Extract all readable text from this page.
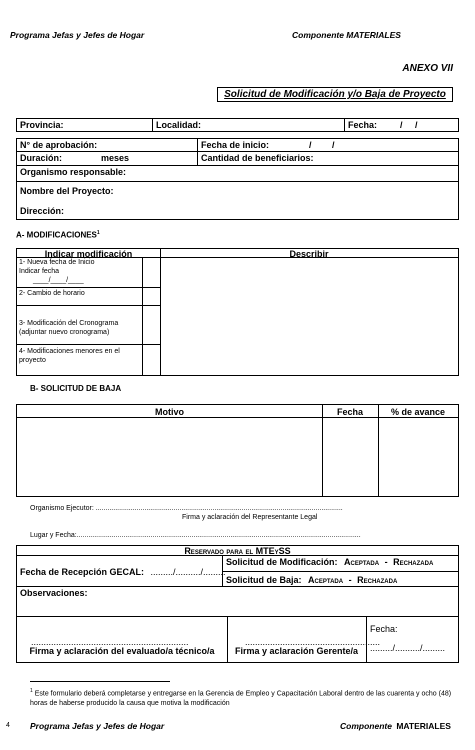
Programa Jefas y Jefes de Hogar	Componente MATERIALES
ANEXO VII
Solicitud de Modificación y/o Baja de Proyecto
Provincia:	Localidad:	Fecha:	/ /
N° de aprobación:	Fecha de inicio:	/ /
Duración:	meses	Cantidad de beneficiarios:
Organismo responsable:
Nombre del Proyecto:
Dirección:
A- MODIFICACIONES$^1$
Indicar modificación	Describir
1- Nueva fecha de Inicio
Indicar fecha
____/____/____
2- Cambio de horario
3- Modificación del Cronograma
(adjuntar nuevo cronograma)
4- Modificaciones menores en el
proyecto
B- SOLICITUD DE BAJA
Motivo	Fecha	% de avance
Organismo Ejecutor: ...............................................................................................................................
Firma y aclaración del Representante Legal
Lugar y Fecha:..................................................................................................................................................
Reservado para el MTEySS
Fecha de Recepción GECAL: ........./........../.........
Solicitud de Modificación: Aceptada - Rechazada
Solicitud de Baja: Aceptada - Rechazada
Observaciones:
Fecha:
........./........../.........
...............................................................
Firma y aclaración del evaluado/a técnico/a
......................................................
Firma y aclaración Gerente/a
$^1$ Este formulario deberá completarse y entregarse en la Gerencia de Empleo y Capacitación Laboral dentro de las cuarenta y ocho (48) horas de haberse producido la causa que motiva la modificación
4 Programa Jefas y Jefes de Hogar	Componente MATERIALES
